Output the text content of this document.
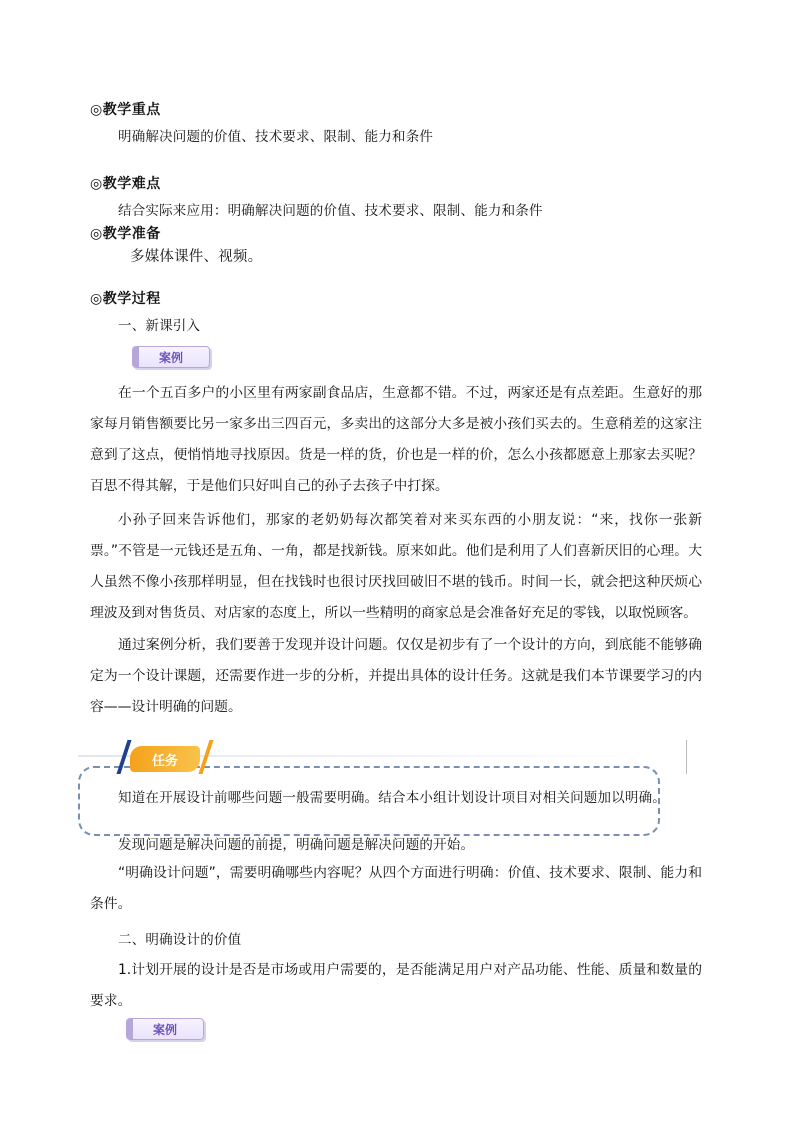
◎教学重点
明确解决问题的价值、技术要求、限制、能力和条件
◎教学难点
结合实际来应用：明确解决问题的价值、技术要求、限制、能力和条件
◎教学准备
多媒体课件、视频。
◎教学过程
一、新课引入
案例
在一个五百多户的小区里有两家副食品店，生意都不错。不过，两家还是有点差距。生意好的那家每月销售额要比另一家多出三四百元，多卖出的这部分大多是被小孩们买去的。生意稍差的这家注意到了这点，便悄悄地寻找原因。货是一样的货，价也是一样的价，怎么小孩都愿意上那家去买呢？百思不得其解，于是他们只好叫自己的孙子去孩子中打探。
小孙子回来告诉他们，那家的老奶奶每次都笑着对来买东西的小朋友说：“来，找你一张新票。”不管是一元钱还是五角、一角，都是找新钱。原来如此。他们是利用了人们喜新厌旧的心理。大人虽然不像小孩那样明显，但在找钱时也很讨厌找回破旧不堪的钱币。时间一长，就会把这种厌烦心理波及到对售货员、对店家的态度上，所以一些精明的商家总是会准备好充足的零钱，以取悦顾客。
通过案例分析，我们要善于发现并设计问题。仅仅是初步有了一个设计的方向，到底能不能够确定为一个设计课题，还需要作进一步的分析，并提出具体的设计任务。这就是我们本节课要学习的内容——设计明确的问题。
任务
知道在开展设计前哪些问题一般需要明确。结合本小组计划设计项目对相关问题加以明确。
发现问题是解决问题的前提，明确问题是解决问题的开始。
“明确设计问题”，需要明确哪些内容呢？从四个方面进行明确：价值、技术要求、限制、能力和条件。
二、明确设计的价值
1.计划开展的设计是否是市场或用户需要的，是否能满足用户对产品功能、性能、质量和数量的要求。
案例
